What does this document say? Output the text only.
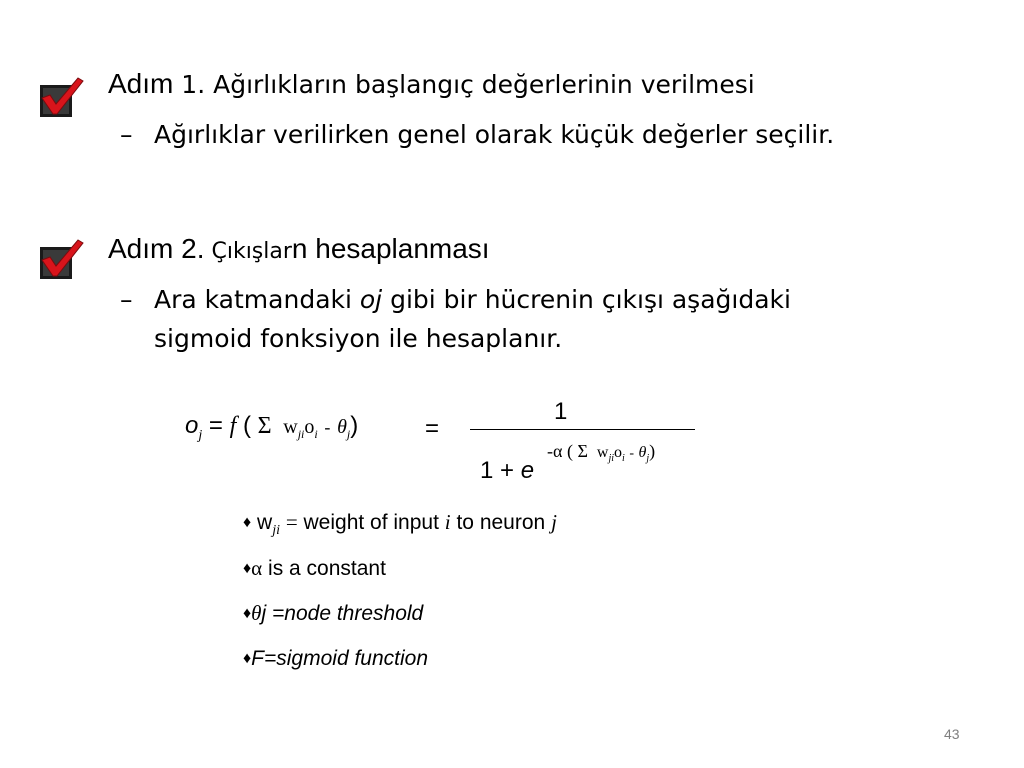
Adım 1. Ağırlıkların başlangıç değerlerinin verilmesi
– Ağırlıklar verilirken genel olarak küçük değerler seçilir.
Adım 2. Çıkışlarn hesaplanması
– Ara katmandaki oj gibi bir hücrenin çıkışı aşağıdaki
sigmoid fonksiyon ile hesaplanır.
$o_j = f$ ( Σ $w_{ji}o_i - \theta_j$)	=
1
1 + e
-α ( Σ $w_{ji}o_i - \theta_j$)
♦ $w_{ji}$ = weight of input i to neuron j
♦α is a constant
♦θj =node threshold
♦F=sigmoid function
43
